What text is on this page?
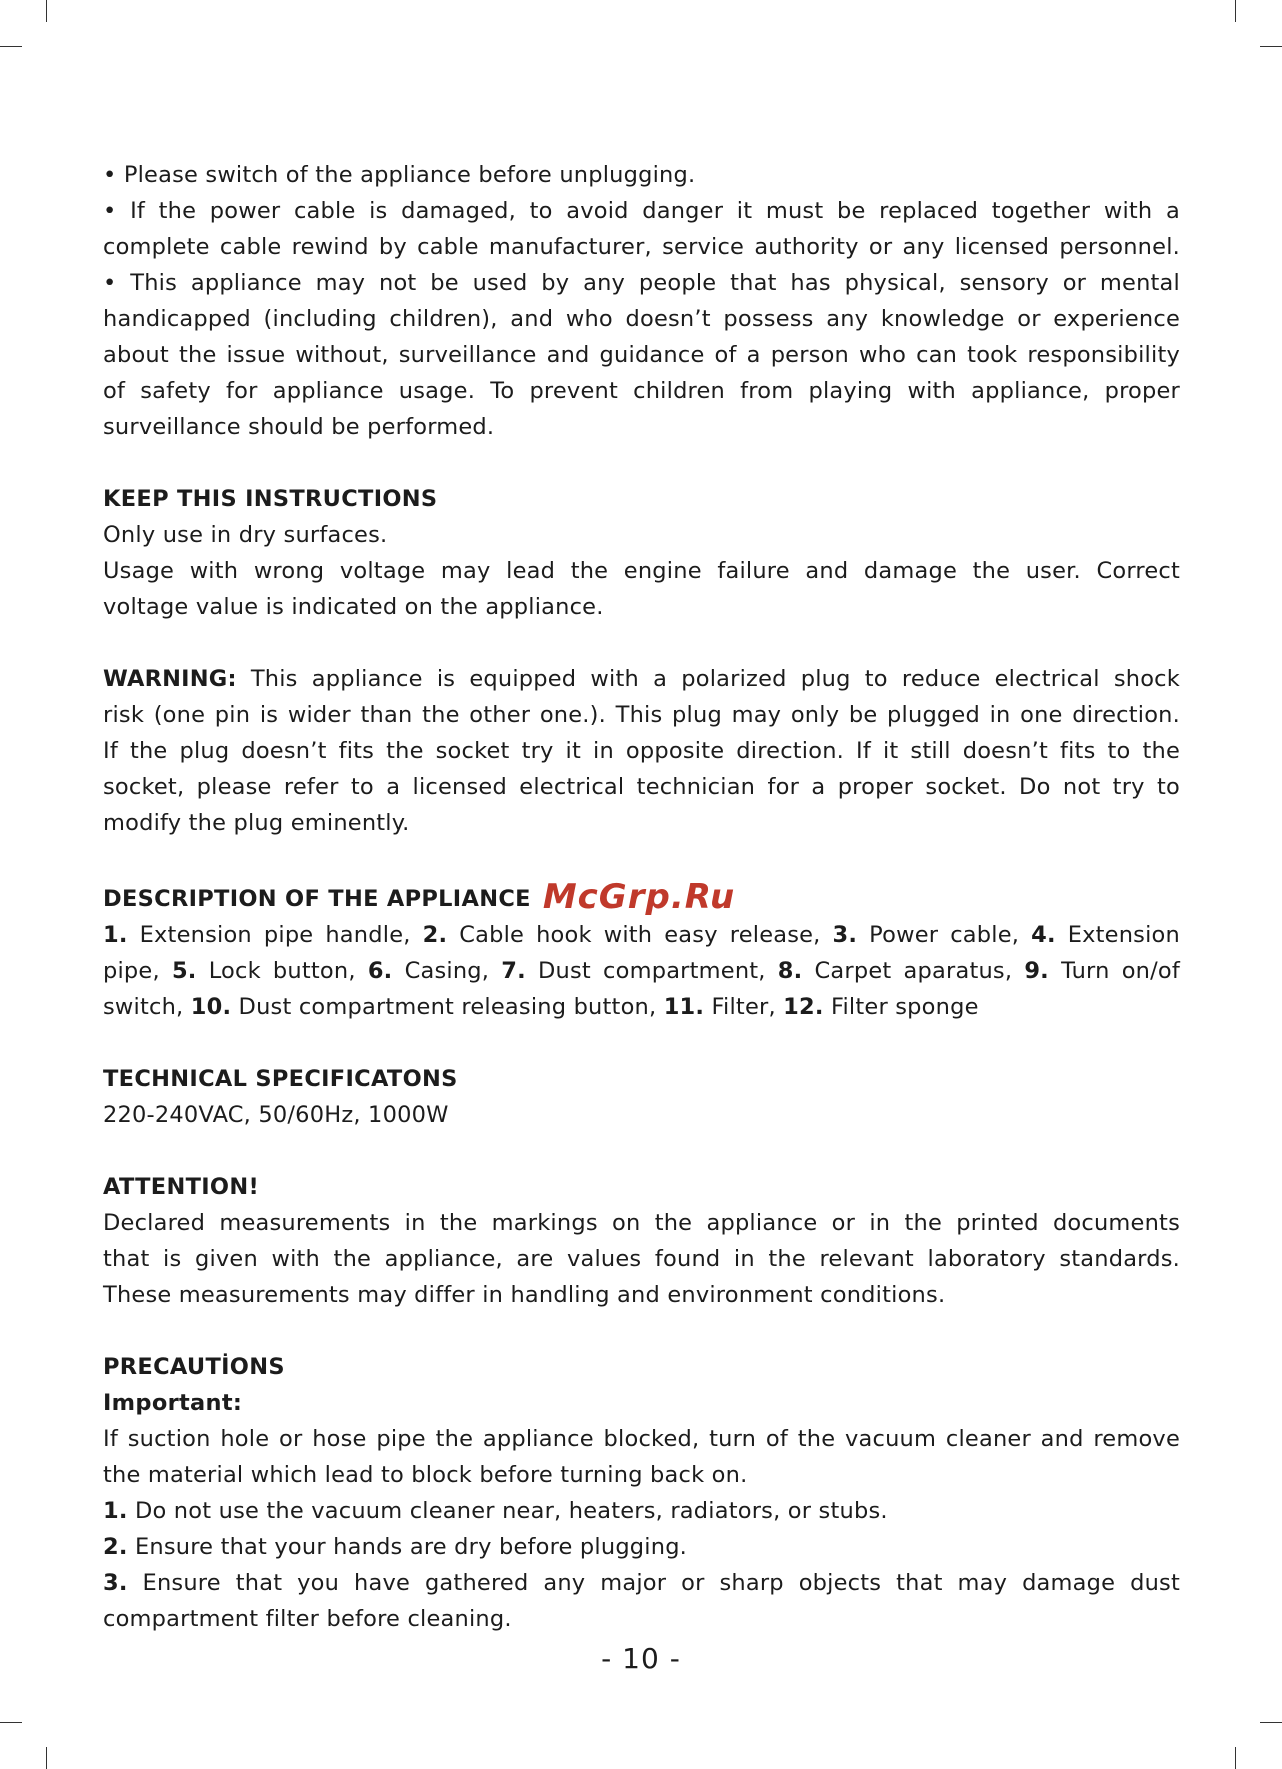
• Please switch of the appliance before unplugging.

• If the power cable is damaged, to avoid danger it must be replaced together with a

complete cable rewind by cable manufacturer, service authority or any licensed personnel.

• This appliance may not be used by any people that has physical, sensory or mental

handicapped (including children), and who doesn’t possess any knowledge or experience

about the issue without, surveillance and guidance of a person who can took responsibility

of safety for appliance usage. To prevent children from playing with appliance, proper

surveillance should be performed.

KEEP THIS INSTRUCTIONS

Only use in dry surfaces.

Usage with wrong voltage may lead the engine failure and damage the user. Correct

voltage value is indicated on the appliance.

WARNING: This appliance is equipped with a polarized plug to reduce electrical shock

risk (one pin is wider than the other one.). This plug may only be plugged in one direction.

If the plug doesn’t fits the socket try it in opposite direction. If it still doesn’t fits to the

socket, please refer to a licensed electrical technician for a proper socket. Do not try to

modify the plug eminently.

DESCRIPTION OF THE APPLIANCE McGrp.Ru

1. Extension pipe handle, 2. Cable hook with easy release, 3. Power cable, 4. Extension

pipe, 5. Lock button, 6. Casing, 7. Dust compartment, 8. Carpet aparatus, 9. Turn on/of

switch, 10. Dust compartment releasing button, 11. Filter, 12. Filter sponge

TECHNICAL SPECIFICATONS

220-240VAC, 50/60Hz, 1000W

ATTENTION!

Declared measurements in the markings on the appliance or in the printed documents

that is given with the appliance, are values found in the relevant laboratory standards.

These measurements may differ in handling and environment conditions.

PRECAUTİONS

Important:

If suction hole or hose pipe the appliance blocked, turn of the vacuum cleaner and remove

the material which lead to block before turning back on.

1. Do not use the vacuum cleaner near, heaters, radiators, or stubs.

2. Ensure that your hands are dry before plugging.

3. Ensure that you have gathered any major or sharp objects that may damage dust

compartment filter before cleaning.

- 10 -
